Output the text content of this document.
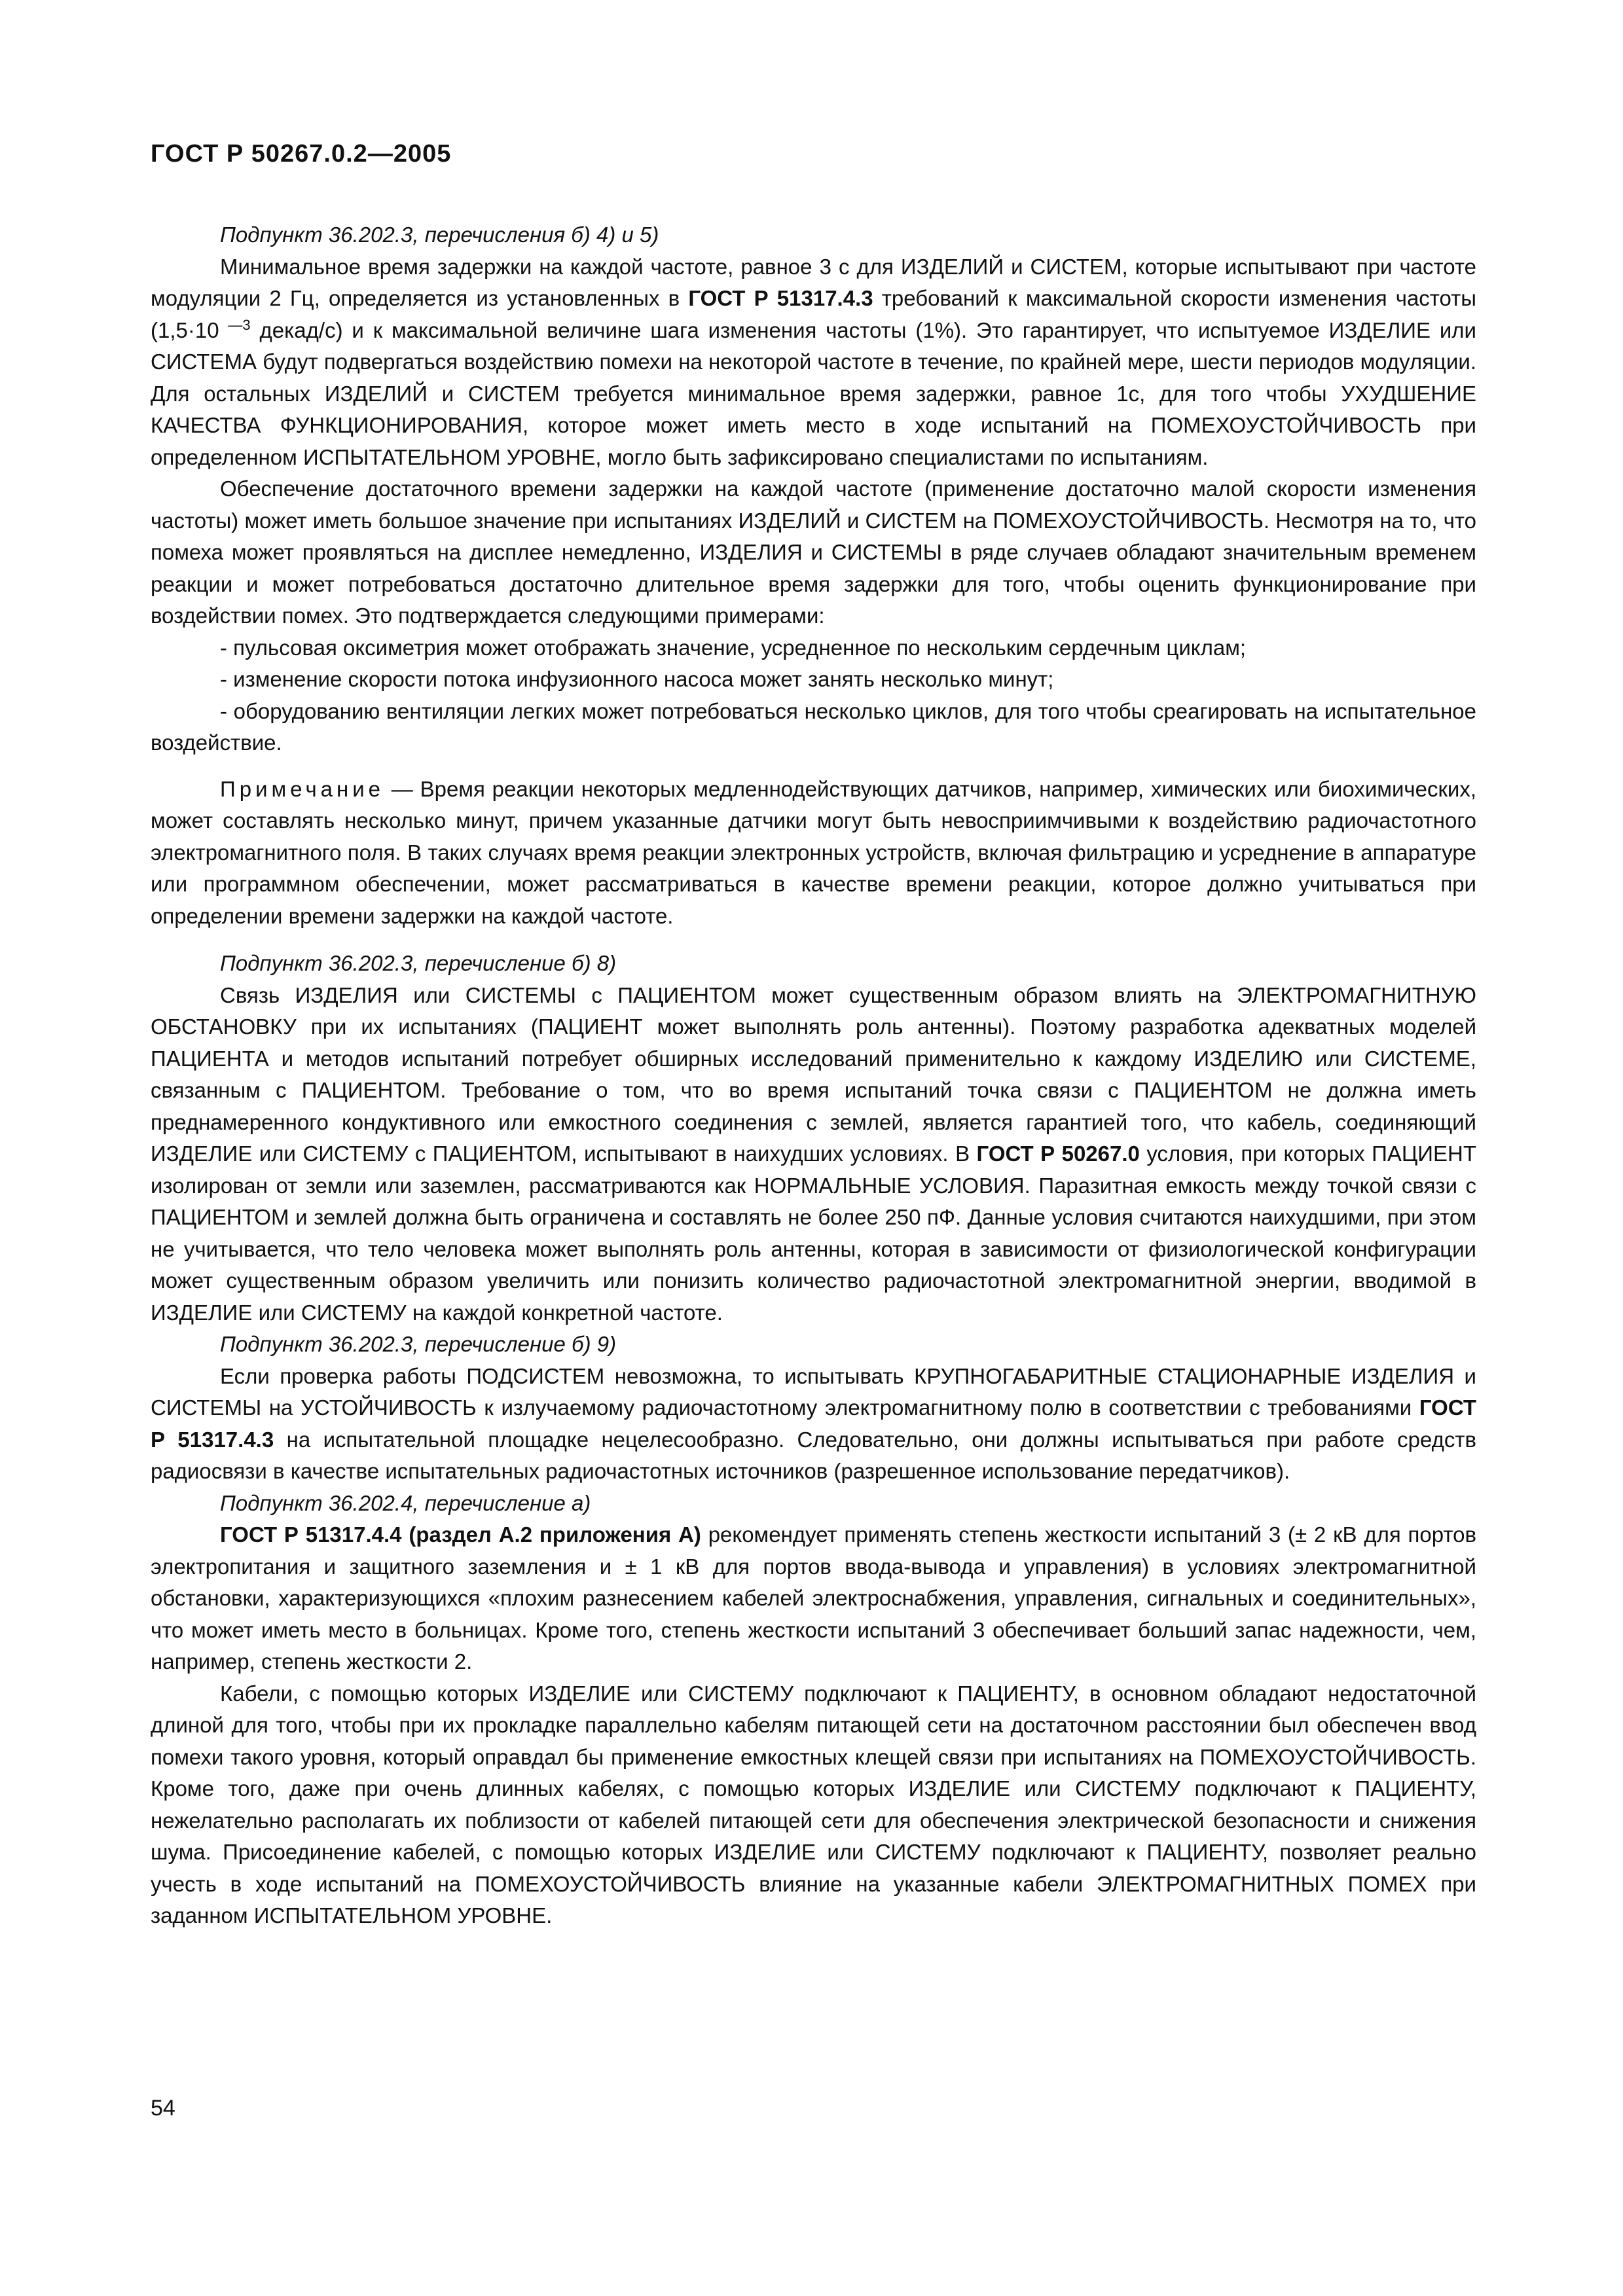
ГОСТ Р 50267.0.2—2005

Подпункт 36.202.3, перечисления б) 4) и 5)

Минимальное время задержки на каждой частоте, равное 3 с для ИЗДЕЛИЙ и СИСТЕМ, которые испытывают при частоте модуляции 2 Гц, определяется из установленных в ГОСТ Р 51317.4.3 требований к максимальной скорости изменения частоты (1,5·10 $^{—3}$ декад/с) и к максимальной величине шага изменения частоты (1%). Это гарантирует, что испытуемое ИЗДЕЛИЕ или СИСТЕМА будут подвергаться воздействию помехи на некоторой частоте в течение, по крайней мере, шести периодов модуляции. Для остальных ИЗДЕЛИЙ и СИСТЕМ требуется минимальное время задержки, равное 1с, для того чтобы УХУДШЕНИЕ КАЧЕСТВА ФУНКЦИОНИРОВАНИЯ, которое может иметь место в ходе испытаний на ПОМЕХОУСТОЙЧИВОСТЬ при определенном ИСПЫТАТЕЛЬНОМ УРОВНЕ, могло быть зафиксировано специалистами по испытаниям.

Обеспечение достаточного времени задержки на каждой частоте (применение достаточно малой скорости изменения частоты) может иметь большое значение при испытаниях ИЗДЕЛИЙ и СИСТЕМ на ПОМЕХОУСТОЙЧИВОСТЬ. Несмотря на то, что помеха может проявляться на дисплее немедленно, ИЗДЕЛИЯ и СИСТЕМЫ в ряде случаев обладают значительным временем реакции и может потребоваться достаточно длительное время задержки для того, чтобы оценить функционирование при воздействии помех. Это подтверждается следующими примерами:

- пульсовая оксиметрия может отображать значение, усредненное по нескольким сердечным циклам;

- изменение скорости потока инфузионного насоса может занять несколько минут;

- оборудованию вентиляции легких может потребоваться несколько циклов, для того чтобы среагировать на испытательное воздействие.

Примечание — Время реакции некоторых медленнодействующих датчиков, например, химических или биохимических, может составлять несколько минут, причем указанные датчики могут быть невосприимчивыми к воздействию радиочастотного электромагнитного поля. В таких случаях время реакции электронных устройств, включая фильтрацию и усреднение в аппаратуре или программном обеспечении, может рассматриваться в качестве времени реакции, которое должно учитываться при определении времени задержки на каждой частоте.

Подпункт 36.202.3, перечисление б) 8)

Связь ИЗДЕЛИЯ или СИСТЕМЫ с ПАЦИЕНТОМ может существенным образом влиять на ЭЛЕКТРОМАГНИТНУЮ ОБСТАНОВКУ при их испытаниях (ПАЦИЕНТ может выполнять роль антенны). Поэтому разработка адекватных моделей ПАЦИЕНТА и методов испытаний потребует обширных исследований применительно к каждому ИЗДЕЛИЮ или СИСТЕМЕ, связанным с ПАЦИЕНТОМ. Требование о том, что во время испытаний точка связи с ПАЦИЕНТОМ не должна иметь преднамеренного кондуктивного или емкостного соединения с землей, является гарантией того, что кабель, соединяющий ИЗДЕЛИЕ или СИСТЕМУ с ПАЦИЕНТОМ, испытывают в наихудших условиях. В ГОСТ Р 50267.0 условия, при которых ПАЦИЕНТ изолирован от земли или заземлен, рассматриваются как НОРМАЛЬНЫЕ УСЛОВИЯ. Паразитная емкость между точкой связи с ПАЦИЕНТОМ и землей должна быть ограничена и составлять не более 250 пФ. Данные условия считаются наихудшими, при этом не учитывается, что тело человека может выполнять роль антенны, которая в зависимости от физиологической конфигурации может существенным образом увеличить или понизить количество радиочастотной электромагнитной энергии, вводимой в ИЗДЕЛИЕ или СИСТЕМУ на каждой конкретной частоте.

Подпункт 36.202.3, перечисление б) 9)

Если проверка работы ПОДСИСТЕМ невозможна, то испытывать КРУПНОГАБАРИТНЫЕ СТАЦИОНАРНЫЕ ИЗДЕЛИЯ и СИСТЕМЫ на УСТОЙЧИВОСТЬ к излучаемому радиочастотному электромагнитному полю в соответствии с требованиями ГОСТ Р 51317.4.3 на испытательной площадке нецелесообразно. Следовательно, они должны испытываться при работе средств радиосвязи в качестве испытательных радиочастотных источников (разрешенное использование передатчиков).

Подпункт 36.202.4, перечисление а)

ГОСТ Р 51317.4.4 (раздел А.2 приложения А) рекомендует применять степень жесткости испытаний 3 (± 2 кВ для портов электропитания и защитного заземления и ± 1 кВ для портов ввода-вывода и управления) в условиях электромагнитной обстановки, характеризующихся «плохим разнесением кабелей электроснабжения, управления, сигнальных и соединительных», что может иметь место в больницах. Кроме того, степень жесткости испытаний 3 обеспечивает больший запас надежности, чем, например, степень жесткости 2.

Кабели, с помощью которых ИЗДЕЛИЕ или СИСТЕМУ подключают к ПАЦИЕНТУ, в основном обладают недостаточной длиной для того, чтобы при их прокладке параллельно кабелям питающей сети на достаточном расстоянии был обеспечен ввод помехи такого уровня, который оправдал бы применение емкостных клещей связи при испытаниях на ПОМЕХОУСТОЙЧИВОСТЬ. Кроме того, даже при очень длинных кабелях, с помощью которых ИЗДЕЛИЕ или СИСТЕМУ подключают к ПАЦИЕНТУ, нежелательно располагать их поблизости от кабелей питающей сети для обеспечения электрической безопасности и снижения шума. Присоединение кабелей, с помощью которых ИЗДЕЛИЕ или СИСТЕМУ подключают к ПАЦИЕНТУ, позволяет реально учесть в ходе испытаний на ПОМЕХОУСТОЙЧИВОСТЬ влияние на указанные кабели ЭЛЕКТРОМАГНИТНЫХ ПОМЕХ при заданном ИСПЫТАТЕЛЬНОМ УРОВНЕ.

54
